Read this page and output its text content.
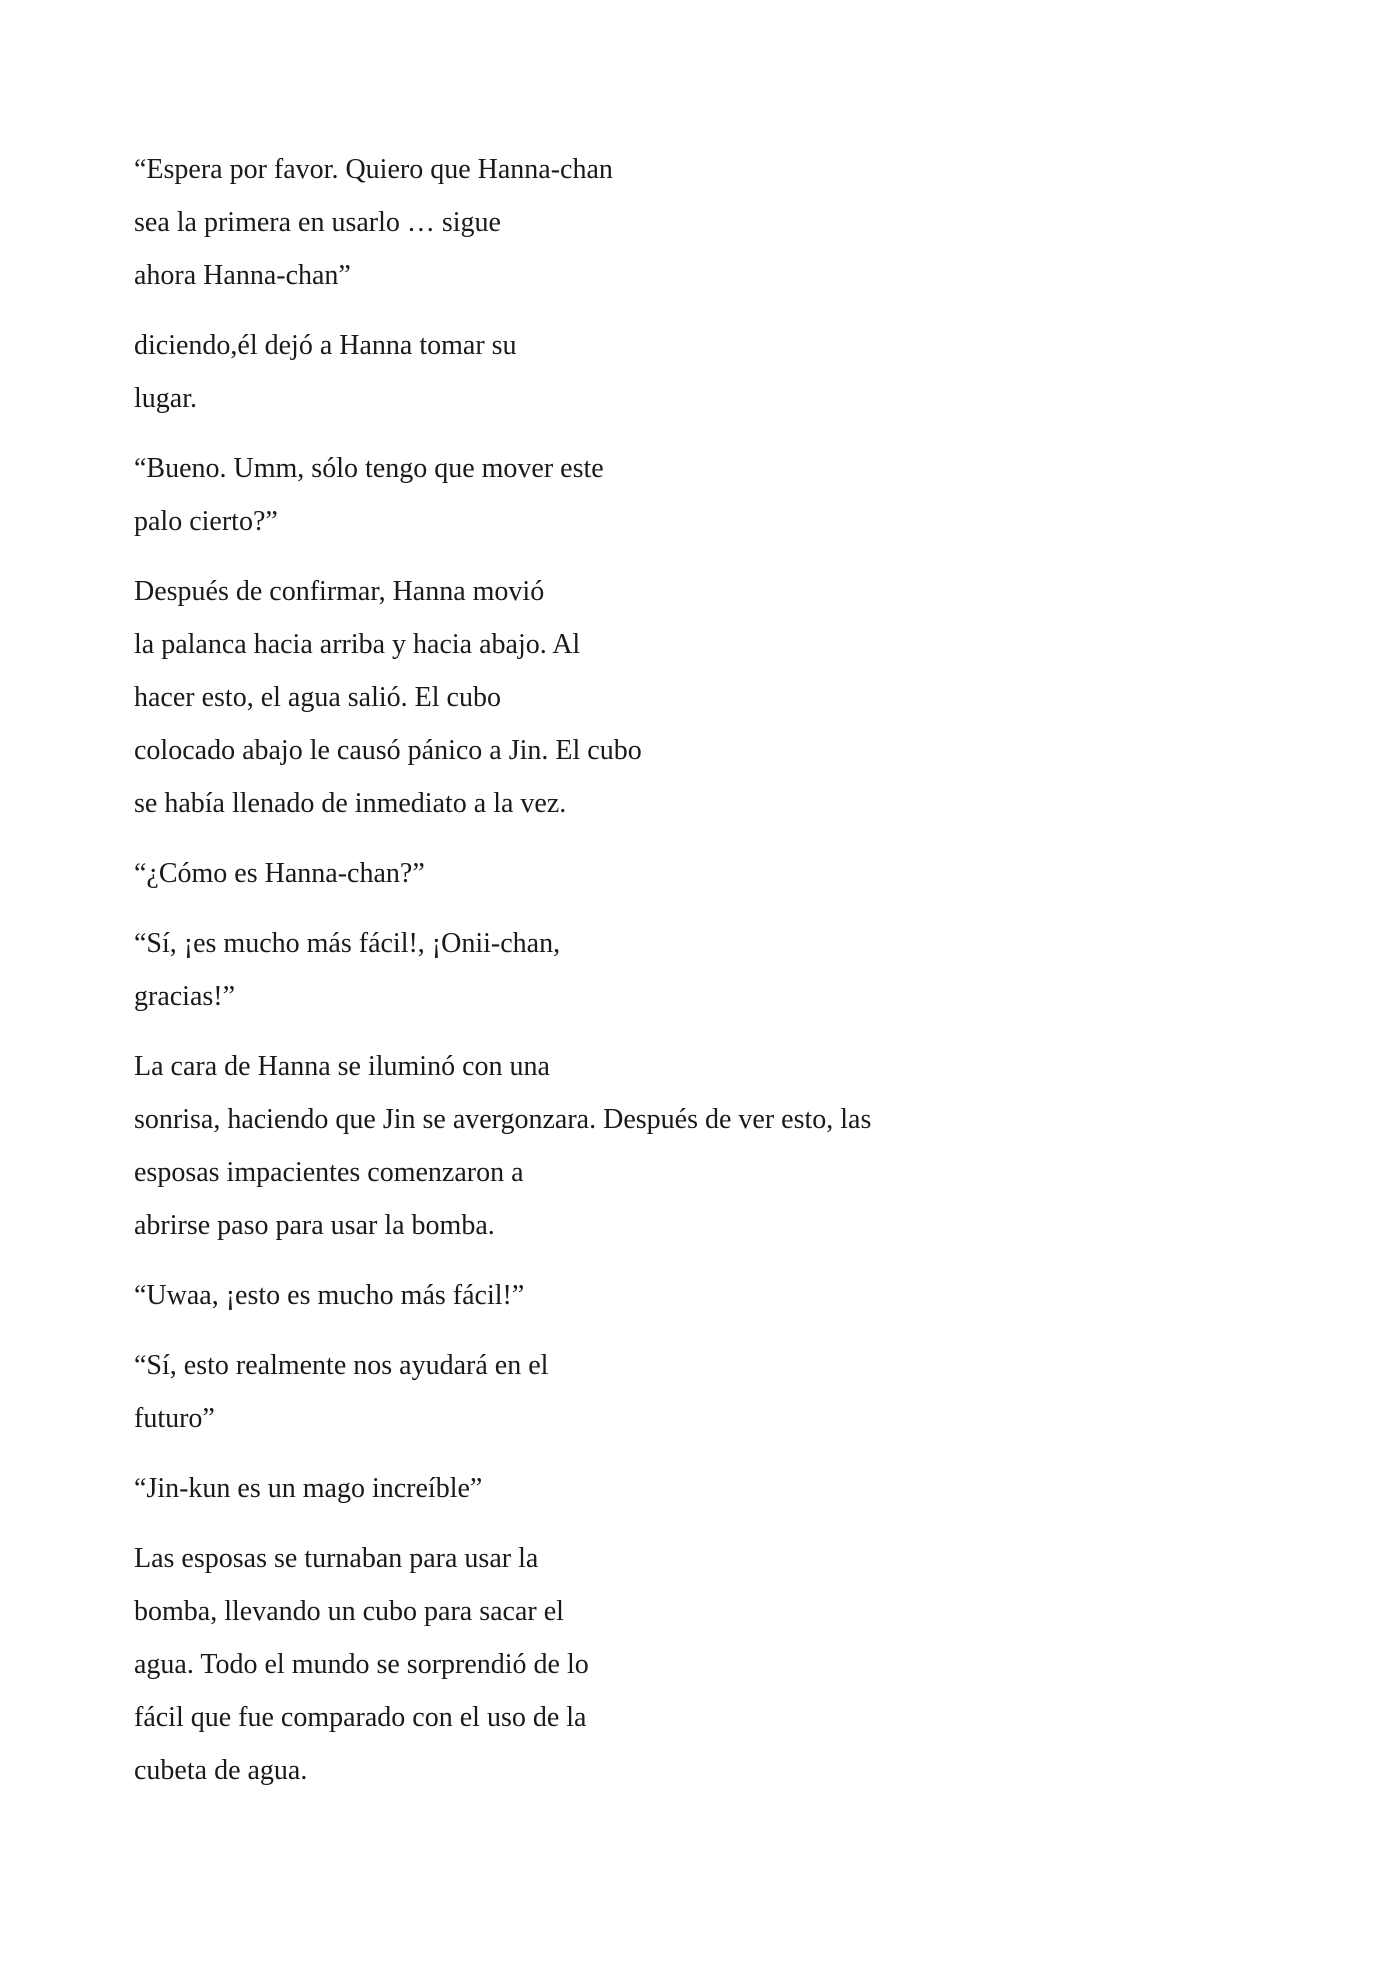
“Espera por favor. Quiero que Hanna-chan
sea la primera en usarlo … sigue
ahora Hanna-chan”
diciendo,él dejó a Hanna tomar su
lugar.
“Bueno. Umm, sólo tengo que mover este
palo cierto?”
Después de confirmar, Hanna movió
la palanca hacia arriba y hacia abajo. Al
hacer esto, el agua salió. El cubo
colocado abajo le causó pánico a Jin. El cubo
se había llenado de inmediato a la vez.
“¿Cómo es Hanna-chan?”
“Sí, ¡es mucho más fácil!, ¡Onii-chan,
gracias!”
La cara de Hanna se iluminó con una
sonrisa, haciendo que Jin se avergonzara. Después de ver esto, las
esposas impacientes comenzaron a
abrirse paso para usar la bomba.
“Uwaa, ¡esto es mucho más fácil!”
“Sí, esto realmente nos ayudará en el
futuro”
“Jin-kun es un mago increíble”
Las esposas se turnaban para usar la
bomba, llevando un cubo para sacar el
agua. Todo el mundo se sorprendió de lo
fácil que fue comparado con el uso de la
cubeta de agua.
